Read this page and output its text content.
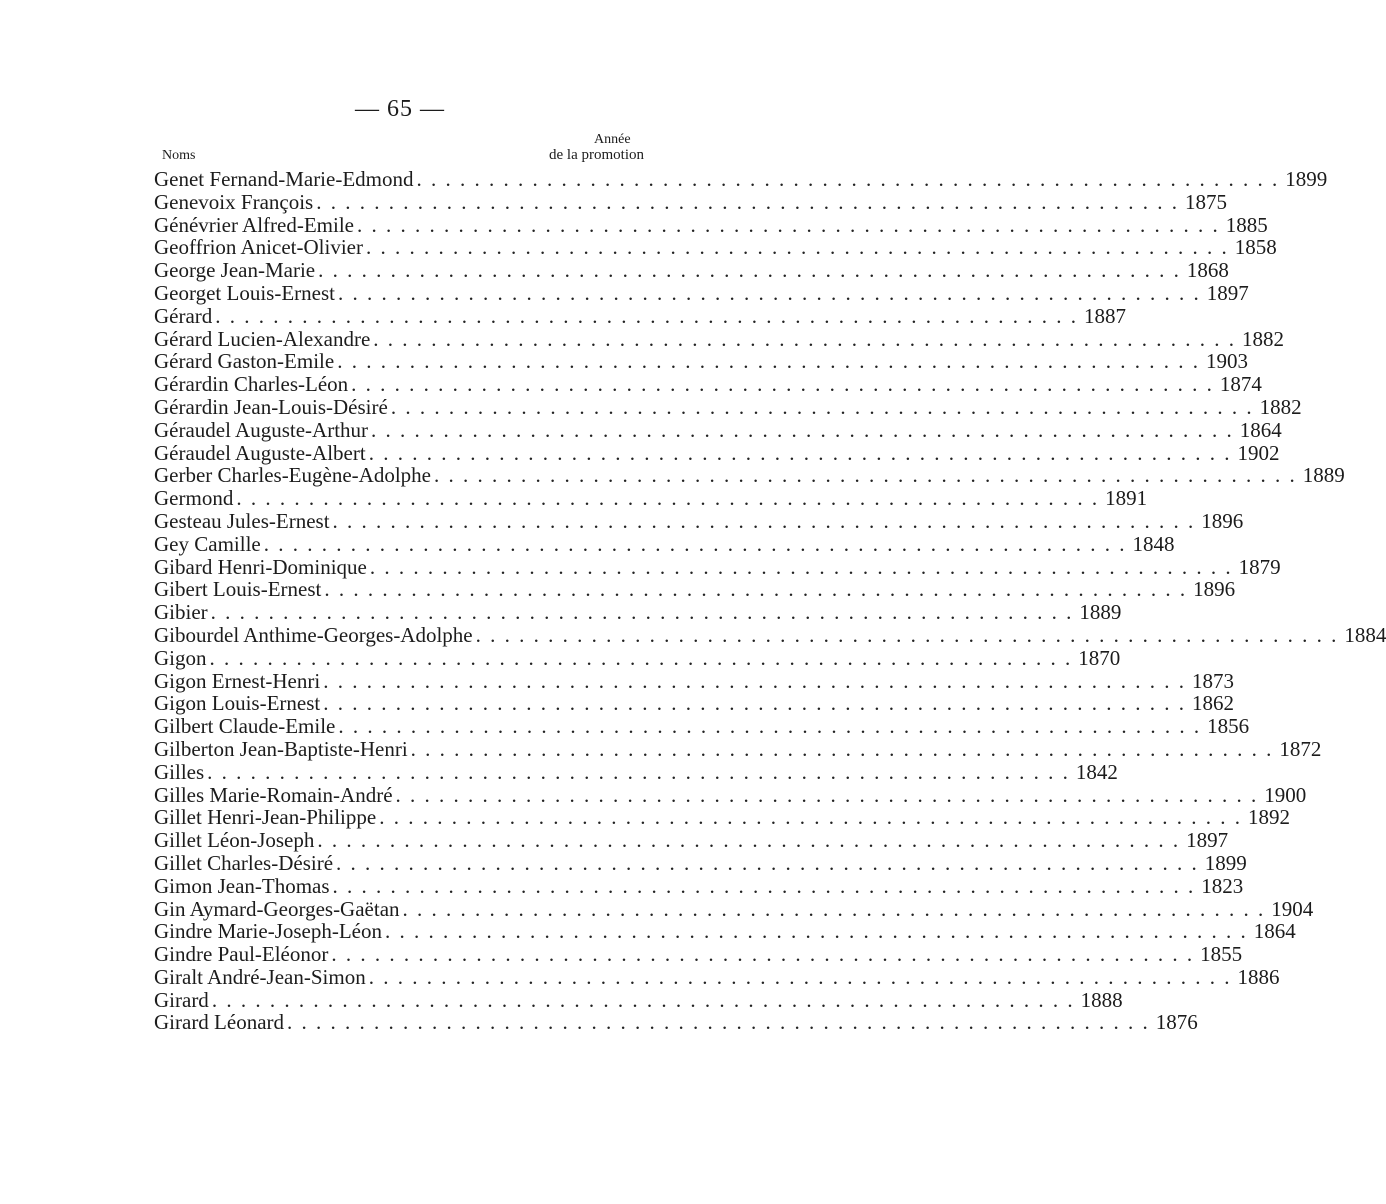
— 65 —
Année
Noms	de la promotion
Genet Fernand-Marie-Edmond . . . . . . . . . . . . . . . . . . . . . . . . . . . . . . . . . . . . . . . . . . . . . . . . . . . . . . . . . . . . 1899
Genevoix François . . . . . . . . . . . . . . . . . . . . . . . . . . . . . . . . . . . . . . . . . . . . . . . . . . . . . . . . . . . . 1875
Génévrier Alfred-Emile . . . . . . . . . . . . . . . . . . . . . . . . . . . . . . . . . . . . . . . . . . . . . . . . . . . . . . . . . . . . 1885
Geoffrion Anicet-Olivier . . . . . . . . . . . . . . . . . . . . . . . . . . . . . . . . . . . . . . . . . . . . . . . . . . . . . . . . . . . . 1858
George Jean-Marie . . . . . . . . . . . . . . . . . . . . . . . . . . . . . . . . . . . . . . . . . . . . . . . . . . . . . . . . . . . . 1868
Georget Louis-Ernest . . . . . . . . . . . . . . . . . . . . . . . . . . . . . . . . . . . . . . . . . . . . . . . . . . . . . . . . . . . . 1897
Gérard . . . . . . . . . . . . . . . . . . . . . . . . . . . . . . . . . . . . . . . . . . . . . . . . . . . . . . . . . . . . 1887
Gérard Lucien-Alexandre . . . . . . . . . . . . . . . . . . . . . . . . . . . . . . . . . . . . . . . . . . . . . . . . . . . . . . . . . . . . 1882
Gérard Gaston-Emile . . . . . . . . . . . . . . . . . . . . . . . . . . . . . . . . . . . . . . . . . . . . . . . . . . . . . . . . . . . . 1903
Gérardin Charles-Léon . . . . . . . . . . . . . . . . . . . . . . . . . . . . . . . . . . . . . . . . . . . . . . . . . . . . . . . . . . . . 1874
Gérardin Jean-Louis-Désiré . . . . . . . . . . . . . . . . . . . . . . . . . . . . . . . . . . . . . . . . . . . . . . . . . . . . . . . . . . . . 1882
Géraudel Auguste-Arthur . . . . . . . . . . . . . . . . . . . . . . . . . . . . . . . . . . . . . . . . . . . . . . . . . . . . . . . . . . . . 1864
Géraudel Auguste-Albert . . . . . . . . . . . . . . . . . . . . . . . . . . . . . . . . . . . . . . . . . . . . . . . . . . . . . . . . . . . . 1902
Gerber Charles-Eugène-Adolphe . . . . . . . . . . . . . . . . . . . . . . . . . . . . . . . . . . . . . . . . . . . . . . . . . . . . . . . . . . . . 1889
Germond . . . . . . . . . . . . . . . . . . . . . . . . . . . . . . . . . . . . . . . . . . . . . . . . . . . . . . . . . . . . 1891
Gesteau Jules-Ernest . . . . . . . . . . . . . . . . . . . . . . . . . . . . . . . . . . . . . . . . . . . . . . . . . . . . . . . . . . . . 1896
Gey Camille . . . . . . . . . . . . . . . . . . . . . . . . . . . . . . . . . . . . . . . . . . . . . . . . . . . . . . . . . . . . 1848
Gibard Henri-Dominique . . . . . . . . . . . . . . . . . . . . . . . . . . . . . . . . . . . . . . . . . . . . . . . . . . . . . . . . . . . . 1879
Gibert Louis-Ernest . . . . . . . . . . . . . . . . . . . . . . . . . . . . . . . . . . . . . . . . . . . . . . . . . . . . . . . . . . . . 1896
Gibier . . . . . . . . . . . . . . . . . . . . . . . . . . . . . . . . . . . . . . . . . . . . . . . . . . . . . . . . . . . . 1889
Gibourdel Anthime-Georges-Adolphe . . . . . . . . . . . . . . . . . . . . . . . . . . . . . . . . . . . . . . . . . . . . . . . . . . . . . . . . . . . . 1884
Gigon . . . . . . . . . . . . . . . . . . . . . . . . . . . . . . . . . . . . . . . . . . . . . . . . . . . . . . . . . . . . 1870
Gigon Ernest-Henri . . . . . . . . . . . . . . . . . . . . . . . . . . . . . . . . . . . . . . . . . . . . . . . . . . . . . . . . . . . . 1873
Gigon Louis-Ernest . . . . . . . . . . . . . . . . . . . . . . . . . . . . . . . . . . . . . . . . . . . . . . . . . . . . . . . . . . . . 1862
Gilbert Claude-Emile . . . . . . . . . . . . . . . . . . . . . . . . . . . . . . . . . . . . . . . . . . . . . . . . . . . . . . . . . . . . 1856
Gilberton Jean-Baptiste-Henri . . . . . . . . . . . . . . . . . . . . . . . . . . . . . . . . . . . . . . . . . . . . . . . . . . . . . . . . . . . . 1872
Gilles . . . . . . . . . . . . . . . . . . . . . . . . . . . . . . . . . . . . . . . . . . . . . . . . . . . . . . . . . . . . 1842
Gilles Marie-Romain-André . . . . . . . . . . . . . . . . . . . . . . . . . . . . . . . . . . . . . . . . . . . . . . . . . . . . . . . . . . . . 1900
Gillet Henri-Jean-Philippe . . . . . . . . . . . . . . . . . . . . . . . . . . . . . . . . . . . . . . . . . . . . . . . . . . . . . . . . . . . . 1892
Gillet Léon-Joseph . . . . . . . . . . . . . . . . . . . . . . . . . . . . . . . . . . . . . . . . . . . . . . . . . . . . . . . . . . . . 1897
Gillet Charles-Désiré . . . . . . . . . . . . . . . . . . . . . . . . . . . . . . . . . . . . . . . . . . . . . . . . . . . . . . . . . . . . 1899
Gimon Jean-Thomas . . . . . . . . . . . . . . . . . . . . . . . . . . . . . . . . . . . . . . . . . . . . . . . . . . . . . . . . . . . . 1823
Gin Aymard-Georges-Gaëtan . . . . . . . . . . . . . . . . . . . . . . . . . . . . . . . . . . . . . . . . . . . . . . . . . . . . . . . . . . . . 1904
Gindre Marie-Joseph-Léon . . . . . . . . . . . . . . . . . . . . . . . . . . . . . . . . . . . . . . . . . . . . . . . . . . . . . . . . . . . . 1864
Gindre Paul-Eléonor . . . . . . . . . . . . . . . . . . . . . . . . . . . . . . . . . . . . . . . . . . . . . . . . . . . . . . . . . . . . 1855
Giralt André-Jean-Simon . . . . . . . . . . . . . . . . . . . . . . . . . . . . . . . . . . . . . . . . . . . . . . . . . . . . . . . . . . . . 1886
Girard . . . . . . . . . . . . . . . . . . . . . . . . . . . . . . . . . . . . . . . . . . . . . . . . . . . . . . . . . . . . 1888
Girard Léonard . . . . . . . . . . . . . . . . . . . . . . . . . . . . . . . . . . . . . . . . . . . . . . . . . . . . . . . . . . . . 1876
